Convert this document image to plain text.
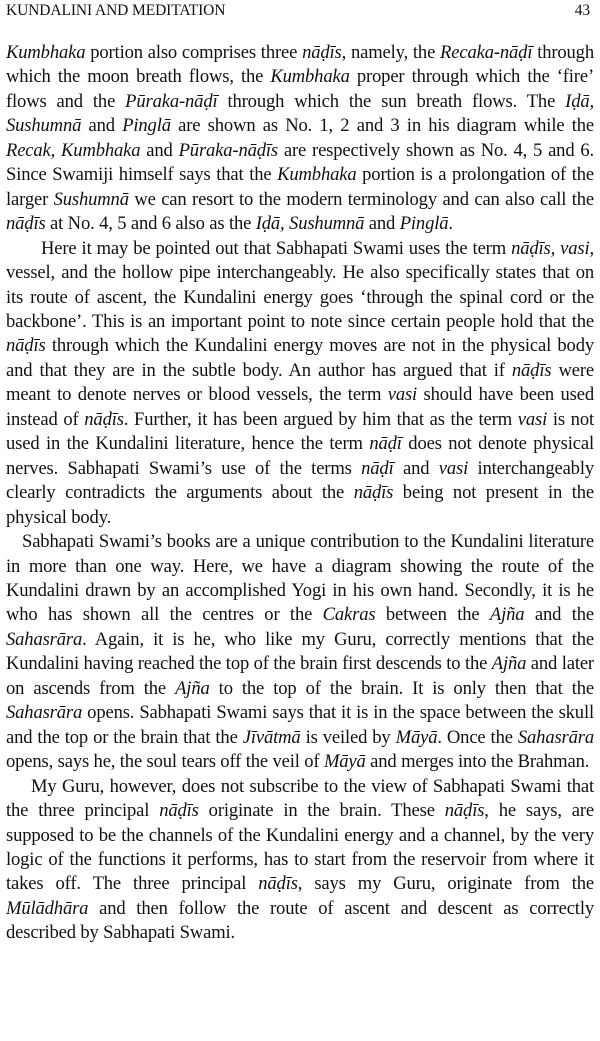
KUNDALINI AND MEDITATION	43

Kumbhaka portion also comprises three nāḍīs, namely, the Recaka-nāḍī through which the moon breath flows, the Kumbhaka proper through which the ‘fire’ flows and the Pūraka-nāḍī through which the sun breath flows. The Iḍā, Sushumnā and Pinglā are shown as No. 1, 2 and 3 in his diagram while the Recak, Kumbhaka and Pūraka-nāḍīs are respectively shown as No. 4, 5 and 6. Since Swamiji himself says that the Kumbhaka portion is a prolongation of the larger Sushumnā we can resort to the modern terminology and can also call the nāḍīs at No. 4, 5 and 6 also as the Iḍā, Sushumnā and Pinglā.

Here it may be pointed out that Sabhapati Swami uses the term nāḍīs, vasi, vessel, and the hollow pipe interchangeably. He also specifically states that on its route of ascent, the Kundalini energy goes ‘through the spinal cord or the backbone’. This is an important point to note since certain people hold that the nāḍīs through which the Kundalini energy moves are not in the physical body and that they are in the subtle body. An author has argued that if nāḍīs were meant to denote nerves or blood vessels, the term vasi should have been used instead of nāḍīs. Further, it has been argued by him that as the term vasi is not used in the Kundalini literature, hence the term nāḍī does not denote physical nerves. Sabhapati Swami’s use of the terms nāḍī and vasi interchangeably clearly contradicts the arguments about the nāḍīs being not present in the physical body.

Sabhapati Swami’s books are a unique contribution to the Kundalini literature in more than one way. Here, we have a diagram showing the route of the Kundalini drawn by an accomplished Yogi in his own hand. Secondly, it is he who has shown all the centres or the Cakras between the Ajña and the Sahasrāra. Again, it is he, who like my Guru, correctly mentions that the Kundalini having reached the top of the brain first descends to the Ajña and later on ascends from the Ajña to the top of the brain. It is only then that the Sahasrāra opens. Sabhapati Swami says that it is in the space between the skull and the top or the brain that the Jīvātmā is veiled by Māyā. Once the Sahasrāra opens, says he, the soul tears off the veil of Māyā and merges into the Brahman.

My Guru, however, does not subscribe to the view of Sabhapati Swami that the three principal nāḍīs originate in the brain. These nāḍīs, he says, are supposed to be the channels of the Kundalini energy and a channel, by the very logic of the functions it performs, has to start from the reservoir from where it takes off. The three principal nāḍīs, says my Guru, originate from the Mūlādhāra and then follow the route of ascent and descent as correctly described by Sabhapati Swami.
